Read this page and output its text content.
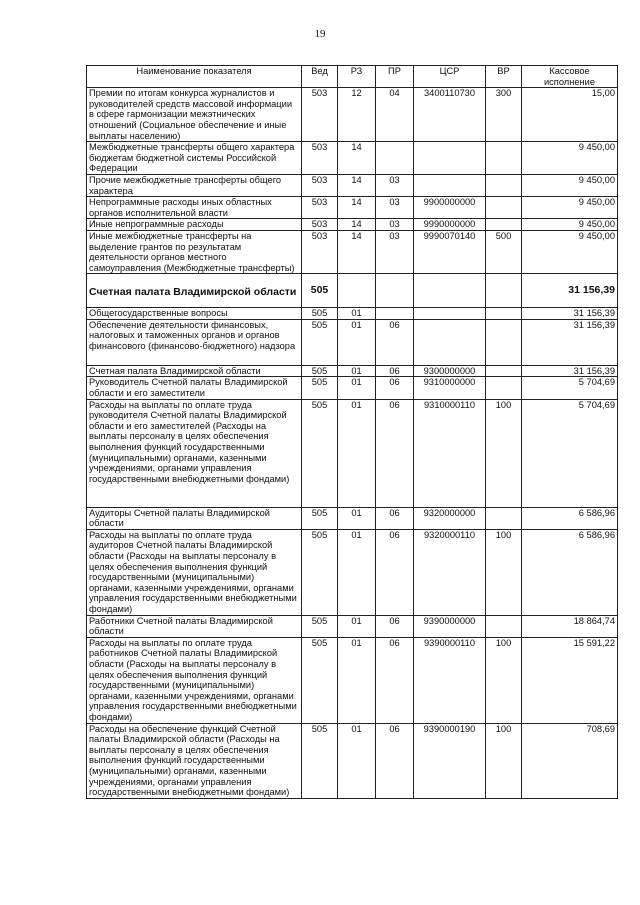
19
Наименование показателя	Вед	РЗ	ПР	ЦСР	ВР	Кассовое исполнение
Премии по итогам конкурса журналистов и руководителей средств массовой информации в сфере гармонизации межэтнических отношений (Социальное обеспечение и иные выплаты населению)	503	12	04	3400110730	300	15,00
Межбюджетные трансферты общего характера бюджетам бюджетной системы Российской Федерации	503	14				9 450,00
Прочие межбюджетные трансферты общего характера	503	14	03			9 450,00
Непрограммные расходы иных областных органов исполнительной власти	503	14	03	9900000000		9 450,00
Иные непрограммные расходы	503	14	03	9990000000		9 450,00
Иные межбюджетные трансферты на выделение грантов по результатам деятельности органов местного самоуправления (Межбюджетные трансферты)	503	14	03	9990070140	500	9 450,00
Счетная палата Владимирской области	505					31 156,39
Общегосударственные вопросы	505	01				31 156,39
Обеспечение деятельности финансовых, налоговых и таможенных органов и органов финансового (финансово-бюджетного) надзора	505	01	06			31 156,39
Счетная палата Владимирской области	505	01	06	9300000000		31 156,39
Руководитель Счетной палаты Владимирской области и его заместители	505	01	06	9310000000		5 704,69
Расходы на выплаты по оплате труда руководителя Счетной палаты Владимирской области и его заместителей (Расходы на выплаты персоналу в целях обеспечения выполнения функций государственными (муниципальными) органами, казенными учреждениями, органами управления государственными внебюджетными фондами)	505	01	06	9310000110	100	5 704,69
Аудиторы Счетной палаты Владимирской области	505	01	06	9320000000		6 586,96
Расходы на выплаты по оплате труда аудиторов Счетной палаты Владимирской области (Расходы на выплаты персоналу в целях обеспечения выполнения функций государственными (муниципальными) органами, казенными учреждениями, органами управления государственными внебюджетными фондами)	505	01	06	9320000110	100	6 586,96
Работники Счетной палаты Владимирской области	505	01	06	9390000000		18 864,74
Расходы на выплаты по оплате труда работников Счетной палаты Владимирской области (Расходы на выплаты персоналу в целях обеспечения выполнения функций государственными (муниципальными) органами, казенными учреждениями, органами управления государственными внебюджетными фондами)	505	01	06	9390000110	100	15 591,22
Расходы на обеспечение функций Счетной палаты Владимирской области (Расходы на выплаты персоналу в целях обеспечения выполнения функций государственными (муниципальными) органами, казенными учреждениями, органами управления государственными внебюджетными фондами)	505	01	06	9390000190	100	708,69
